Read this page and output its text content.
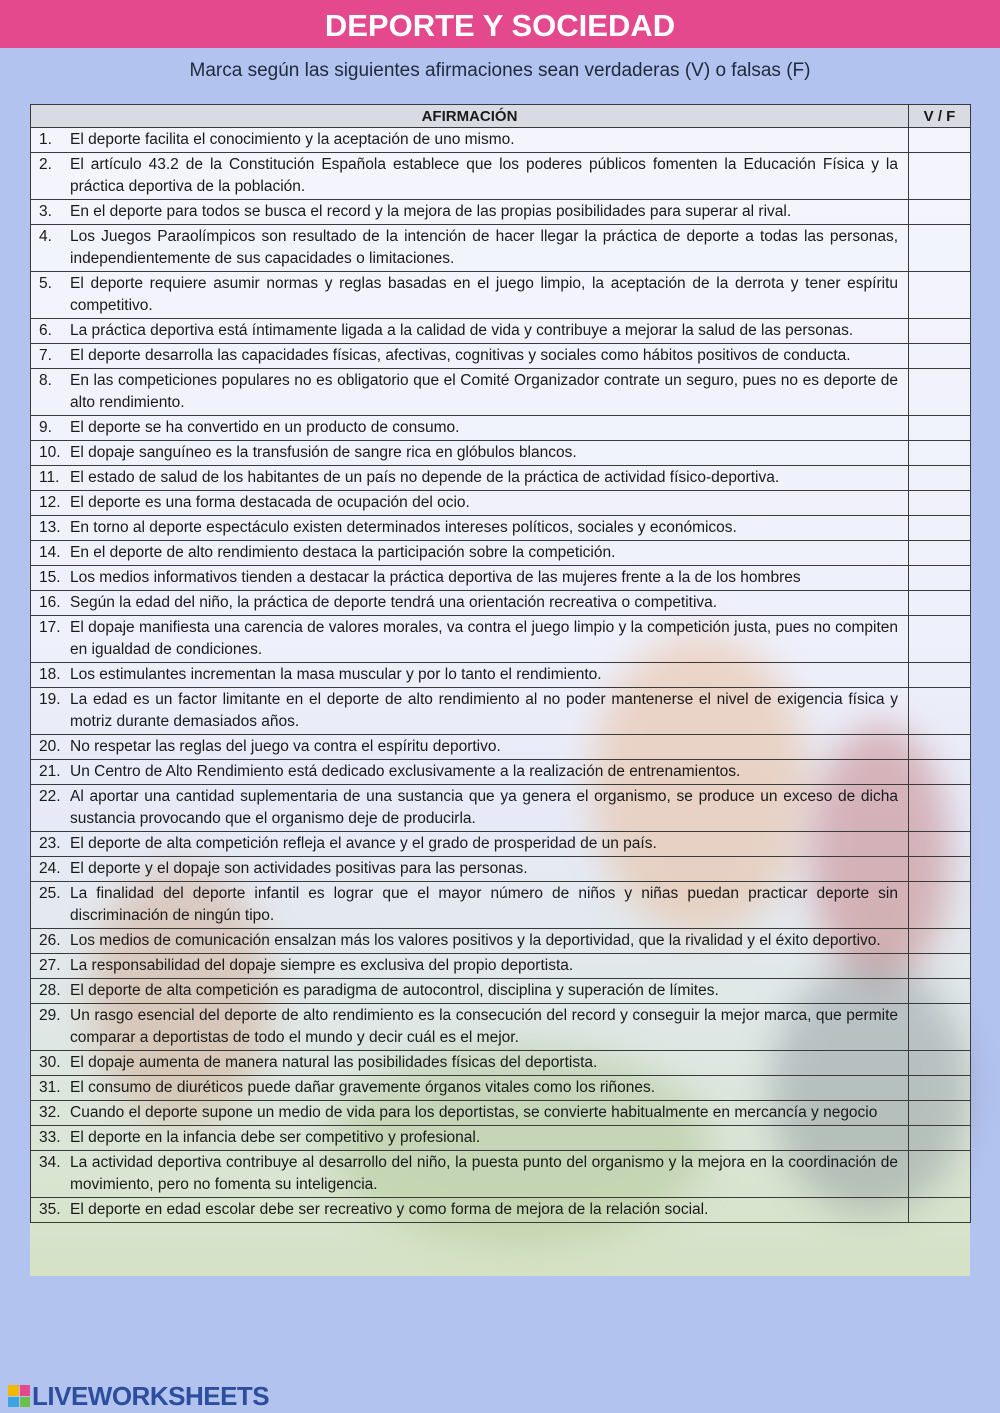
DEPORTE Y SOCIEDAD
Marca según las siguientes afirmaciones sean verdaderas (V) o falsas (F)
AFIRMACIÓN	V / F

1. El deporte facilita el conocimiento y la aceptación de uno mismo.	

2. El artículo 43.2 de la Constitución Española establece que los poderes públicos fomenten la Educación Física y la práctica deportiva de la población.	

3. En el deporte para todos se busca el record y la mejora de las propias posibilidades para superar al rival.	

4. Los Juegos Paraolímpicos son resultado de la intención de hacer llegar la práctica de deporte a todas las personas, independientemente de sus capacidades o limitaciones.	

5. El deporte requiere asumir normas y reglas basadas en el juego limpio, la aceptación de la derrota y tener espíritu competitivo.	

6. La práctica deportiva está íntimamente ligada a la calidad de vida y contribuye a mejorar la salud de las personas.	

7. El deporte desarrolla las capacidades físicas, afectivas, cognitivas y sociales como hábitos positivos de conducta.	

8. En las competiciones populares no es obligatorio que el Comité Organizador contrate un seguro, pues no es deporte de alto rendimiento.	

9. El deporte se ha convertido en un producto de consumo.	

10. El dopaje sanguíneo es la transfusión de sangre rica en glóbulos blancos.	

11. El estado de salud de los habitantes de un país no depende de la práctica de actividad físico-deportiva.	

12. El deporte es una forma destacada de ocupación del ocio.	

13. En torno al deporte espectáculo existen determinados intereses políticos, sociales y económicos.	

14. En el deporte de alto rendimiento destaca la participación sobre la competición.	

15. Los medios informativos tienden a destacar la práctica deportiva de las mujeres frente a la de los hombres	

16. Según la edad del niño, la práctica de deporte tendrá una orientación recreativa o competitiva.	

17. El dopaje manifiesta una carencia de valores morales, va contra el juego limpio y la competición justa, pues no compiten en igualdad de condiciones.	

18. Los estimulantes incrementan la masa muscular y por lo tanto el rendimiento.	

19. La edad es un factor limitante en el deporte de alto rendimiento al no poder mantenerse el nivel de exigencia física y motriz durante demasiados años.	

20. No respetar las reglas del juego va contra el espíritu deportivo.	

21. Un Centro de Alto Rendimiento está dedicado exclusivamente a la realización de entrenamientos.	

22. Al aportar una cantidad suplementaria de una sustancia que ya genera el organismo, se produce un exceso de dicha sustancia provocando que el organismo deje de producirla.	

23. El deporte de alta competición refleja el avance y el grado de prosperidad de un país.	

24. El deporte y el dopaje son actividades positivas para las personas.	

25. La finalidad del deporte infantil es lograr que el mayor número de niños y niñas puedan practicar deporte sin discriminación de ningún tipo.	

26. Los medios de comunicación ensalzan más los valores positivos y la deportividad, que la rivalidad y el éxito deportivo.	

27. La responsabilidad del dopaje siempre es exclusiva del propio deportista.	

28. El deporte de alta competición es paradigma de autocontrol, disciplina y superación de límites.	

29. Un rasgo esencial del deporte de alto rendimiento es la consecución del record y conseguir la mejor marca, que permite comparar a deportistas de todo el mundo y decir cuál es el mejor.	

30. El dopaje aumenta de manera natural las posibilidades físicas del deportista.	

31. El consumo de diuréticos puede dañar gravemente órganos vitales como los riñones.	

32. Cuando el deporte supone un medio de vida para los deportistas, se convierte habitualmente en mercancía y negocio	

33. El deporte en la infancia debe ser competitivo y profesional.	

34. La actividad deportiva contribuye al desarrollo del niño, la puesta punto del organismo y la mejora en la coordinación de movimiento, pero no fomenta su inteligencia.	

35. El deporte en edad escolar debe ser recreativo y como forma de mejora de la relación social.	

LIVEWORKSHEETS
